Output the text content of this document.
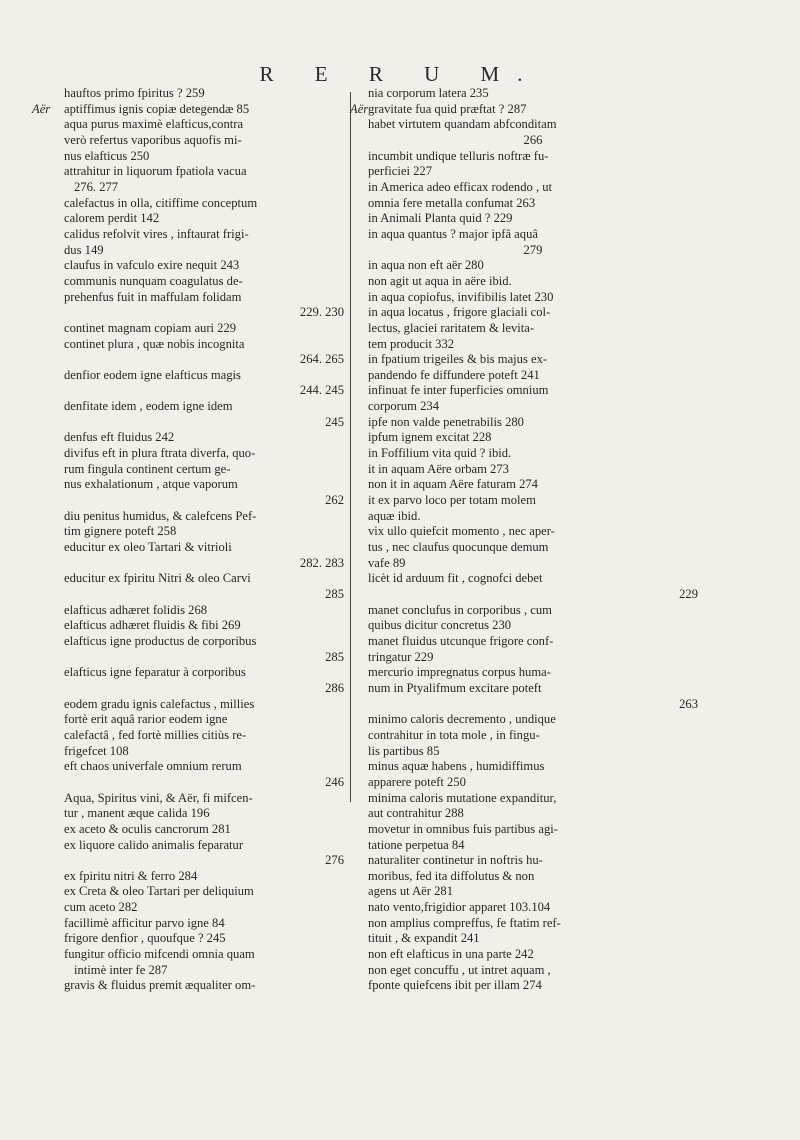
R E R U M.
hauftos primo fpiritus ? 259
Aër aptiffimus ignis copiæ detegendæ 85
aqua purus maximè elafticus,contra
verò refertus vaporibus aquofis mi-
nus elafticus 250
attrahitur in liquorum fpatiola vacua
276. 277
calefactus in olla, citiffime conceptum
calorem perdit 142
calidus refolvit vires , inftaurat frigi-
dus 149
claufus in vafculo exire nequit 243
communis nunquam coagulatus de-
prehenfus fuit in maffulam folidam
229. 230
continet magnam copiam auri 229
continet plura , quæ nobis incognita
264. 265
denfior eodem igne elafticus magis
244. 245
denfitate idem , eodem igne idem
245
denfus eft fluidus 242
divifus eft in plura ftrata diverfa, quo-
rum fingula continent certum ge-
nus exhalationum , atque vaporum
262
diu penitus humidus, & calefcens Pef-
tim gignere poteft 258
educitur ex oleo Tartari & vitrioli
282. 283
educitur ex fpiritu Nitri & oleo Carvi
285
elafticus adhæret folidis 268
elafticus adhæret fluidis & fibi 269
elafticus igne productus de corporibus
285
elafticus igne feparatur à corporibus
286
eodem gradu ignis calefactus , millies
fortè erit aquâ rarior eodem igne
calefactâ , fed fortè millies citiùs re-
frigefcet 108
eft chaos univerfale omnium rerum
246
Aqua, Spiritus vini, & Aër, fi mifcen-
tur , manent æque calida 196
ex aceto & oculis cancrorum 281
ex liquore calido animalis feparatur
276
ex fpiritu nitri & ferro 284
ex Creta & oleo Tartari per deliquium
cum aceto 282
facillimè afficitur parvo igne 84
frigore denfior , quoufque ? 245
fungitur officio mifcendi omnia quam
intimè inter fe 287
gravis & fluidus premit æqualiter om-
nia corporum latera 235
Aër gravitate fua quid præftat ? 287
habet virtutem quandam abfconditam
266
incumbit undique telluris noftræ fu-
perficiei 227
in America adeo efficax rodendo , ut
omnia fere metalla confumat 263
in Animali Planta quid ? 229
in aqua quantus ? major ipfâ aquâ
279
in aqua non eft aër 280
non agit ut aqua in aëre ibid.
in aqua copiofus, invifibilis latet 230
in aqua locatus , frigore glaciali col-
lectus, glaciei raritatem & levita-
tem producit 332
in fpatium trigeiles & bis majus ex-
pandendo fe diffundere poteft 241
infinuat fe inter fuperficies omnium
corporum 234
ipfe non valde penetrabilis 280
ipfum ignem excitat 228
in Foffilium vita quid ? ibid.
it in aquam Aëre orbam 273
non it in aquam Aëre faturam 274
it ex parvo loco per totam molem
aquæ ibid.
vix ullo quiefcit momento , nec aper-
tus , nec claufus quocunque demum
vafe 89
licèt id arduum fit , cognofci debet
229
manet conclufus in corporibus , cum
quibus dicitur concretus 230
manet fluidus utcunque frigore conf-
tringatur 229
mercurio impregnatus corpus huma-
num in Ptyalifmum excitare poteft
263
minimo caloris decremento , undique
contrahitur in tota mole , in fingu-
lis partibus 85
minus aquæ habens , humidiffimus
apparere poteft 250
minima caloris mutatione expanditur,
aut contrahitur 288
movetur in omnibus fuis partibus agi-
tatione perpetua 84
naturaliter continetur in noftris hu-
moribus, fed ita diffolutus & non
agens ut Aër 281
nato vento,frigidior apparet 103.104
non amplius compreffus, fe ftatim ref-
tituit , & expandit 241
non eft elafticus in una parte 242
non eget concuffu , ut intret aquam ,
fponte quiefcens ibit per illam 274
